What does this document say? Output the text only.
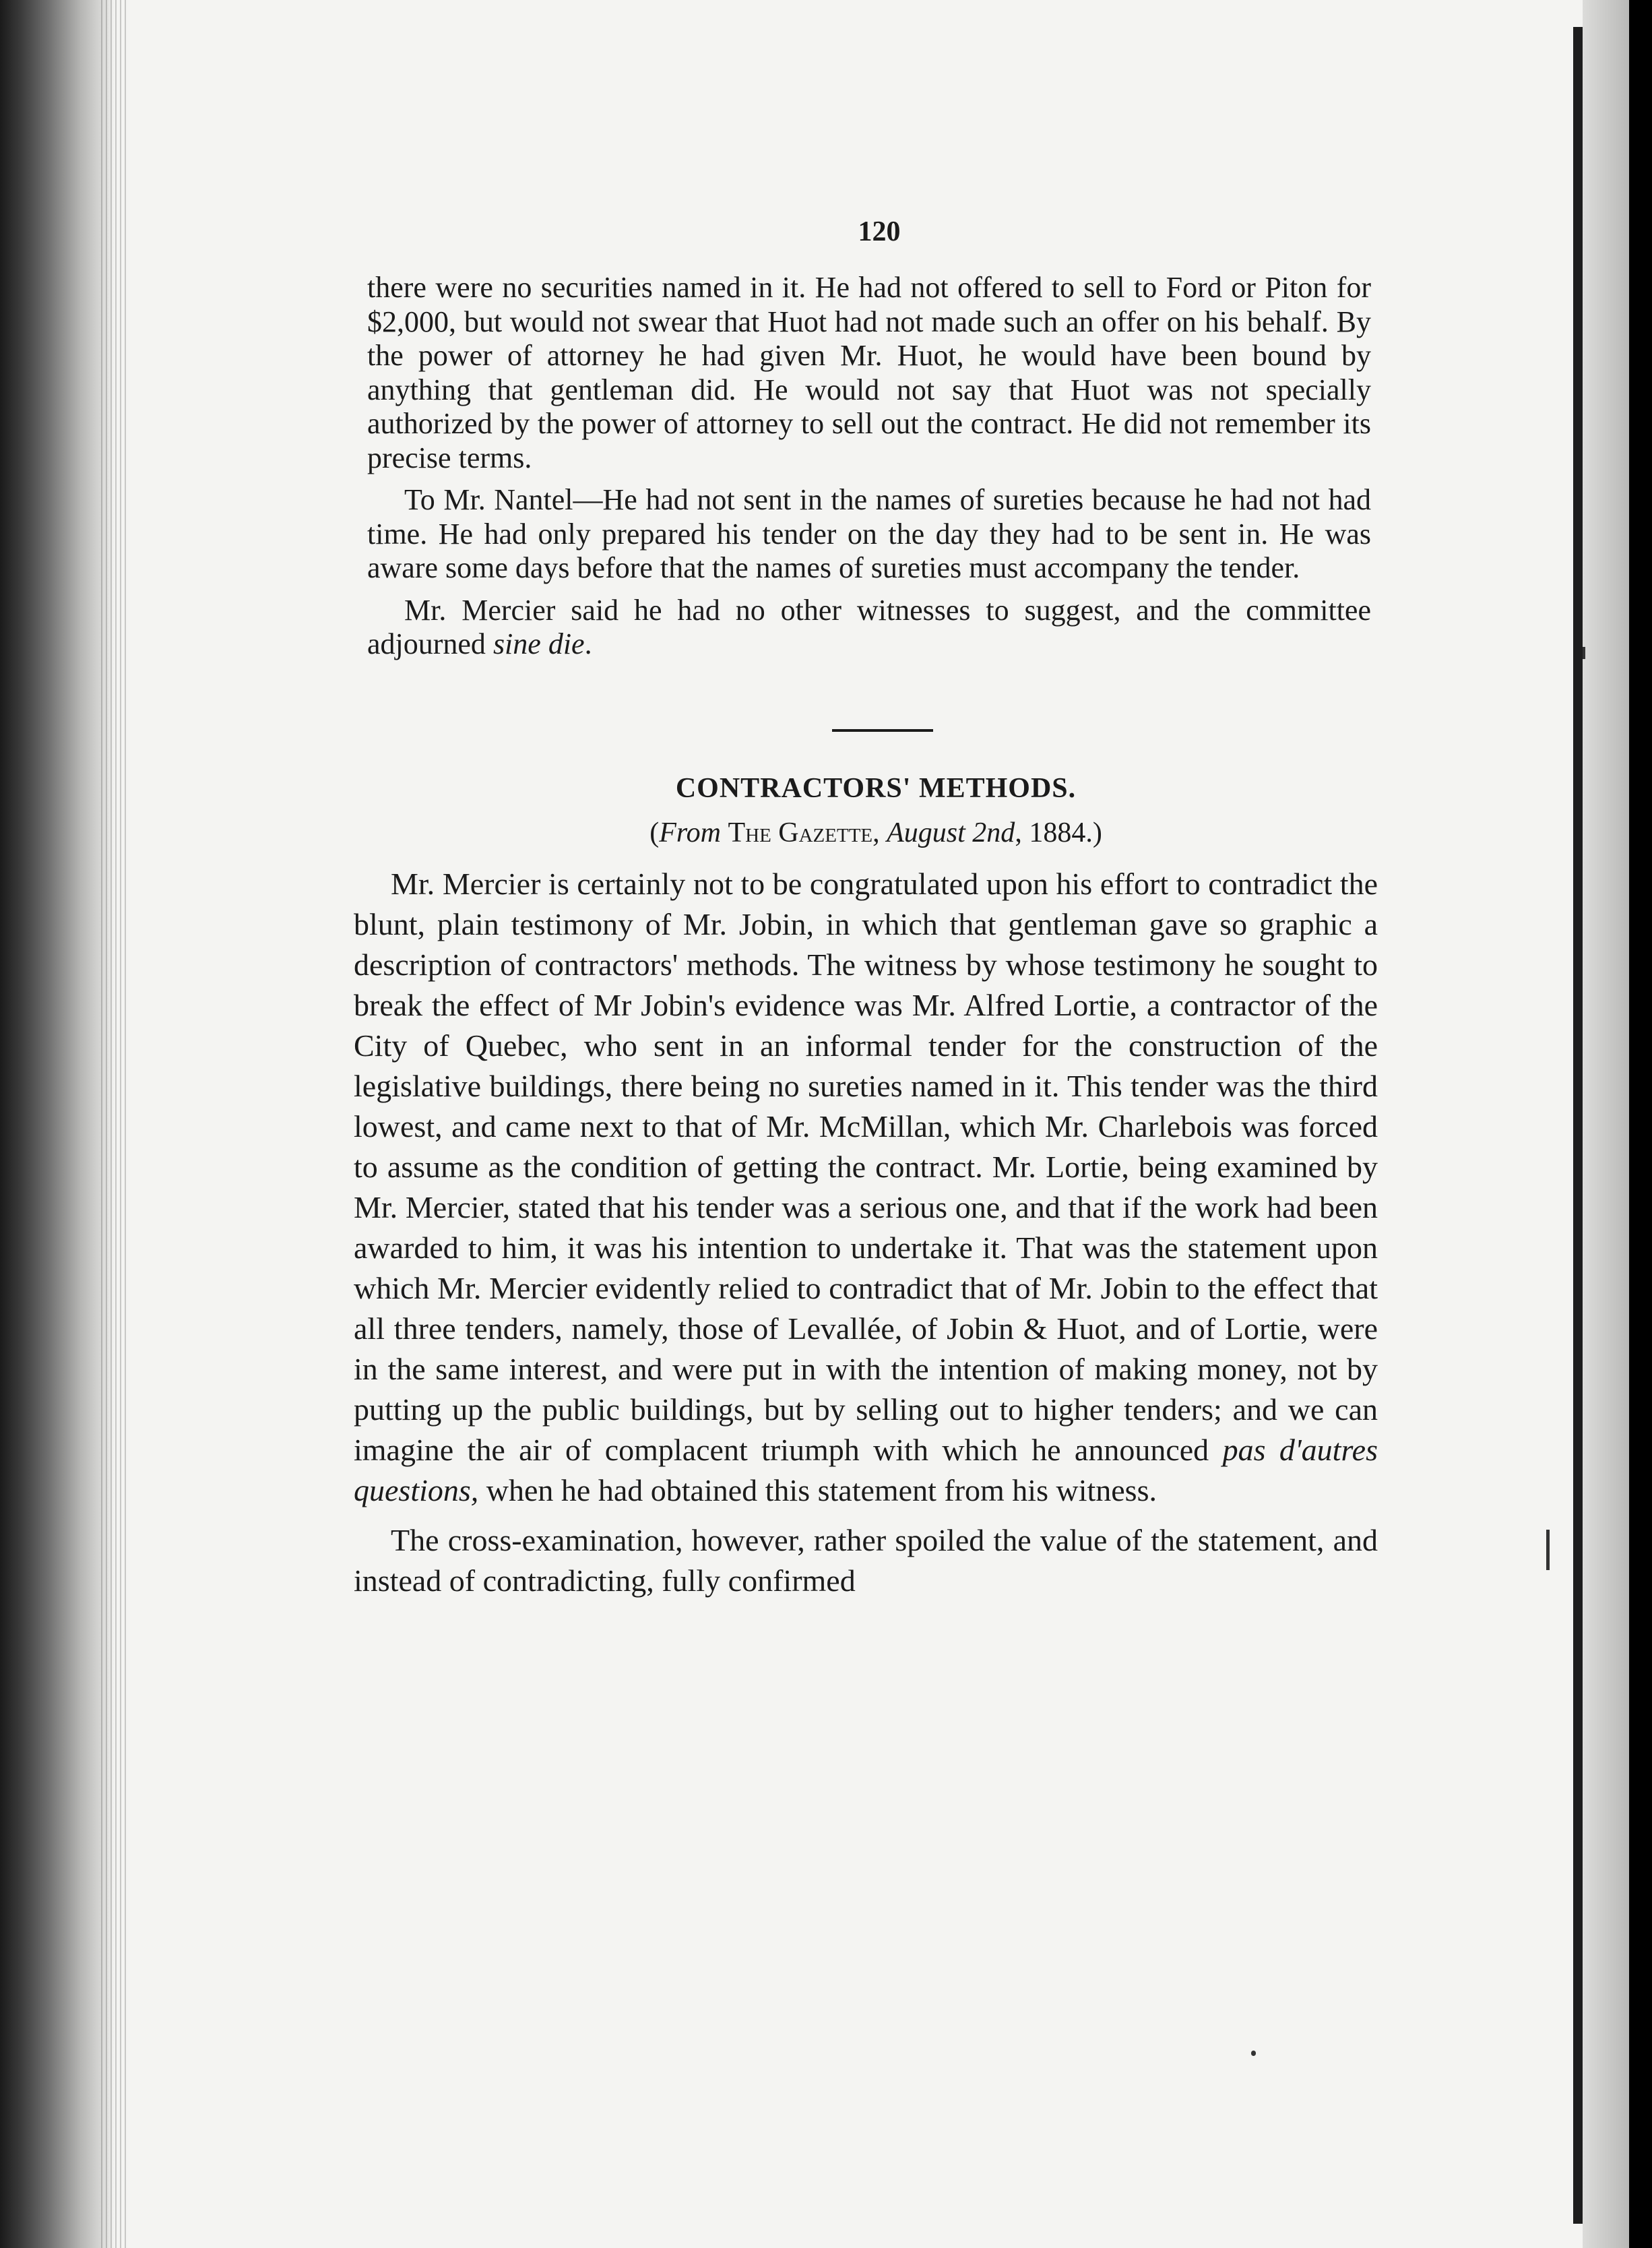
120

there were no securities named in it. He had not offered to sell to Ford or Piton for $2,000, but would not swear that Huot had not made such an offer on his behalf. By the power of attorney he had given Mr. Huot, he would have been bound by anything that gentleman did. He would not say that Huot was not specially authorized by the power of attorney to sell out the contract. He did not remember its precise terms.

To Mr. Nantel—He had not sent in the names of sureties because he had not had time. He had only prepared his tender on the day they had to be sent in. He was aware some days before that the names of sureties must accompany the tender.

Mr. Mercier said he had no other witnesses to suggest, and the committee adjourned sine die.

CONTRACTORS' METHODS.
(From The Gazette, August 2nd, 1884.)

Mr. Mercier is certainly not to be congratulated upon his effort to contradict the blunt, plain testimony of Mr. Jobin, in which that gentleman gave so graphic a description of contractors' methods. The witness by whose testimony he sought to break the effect of Mr Jobin's evidence was Mr. Alfred Lortie, a contractor of the City of Quebec, who sent in an informal tender for the construction of the legislative buildings, there being no sureties named in it. This tender was the third lowest, and came next to that of Mr. McMillan, which Mr. Charlebois was forced to assume as the condition of getting the contract. Mr. Lortie, being examined by Mr. Mercier, stated that his tender was a serious one, and that if the work had been awarded to him, it was his intention to undertake it. That was the statement upon which Mr. Mercier evidently relied to contradict that of Mr. Jobin to the effect that all three tenders, namely, those of Levallée, of Jobin & Huot, and of Lortie, were in the same interest, and were put in with the intention of making money, not by putting up the public buildings, but by selling out to higher tenders; and we can imagine the air of complacent triumph with which he announced pas d'autres questions, when he had obtained this statement from his witness.

The cross-examination, however, rather spoiled the value of the statement, and instead of contradicting, fully confirmed
